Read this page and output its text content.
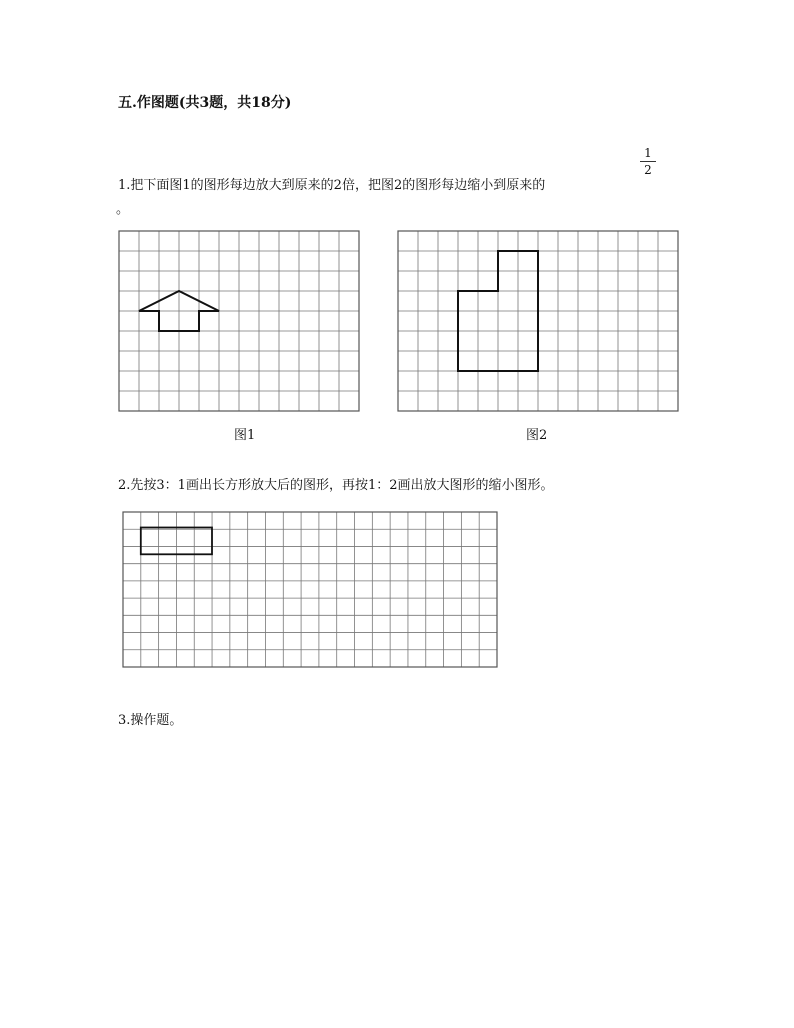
五.作图题(共3题，共18分)
1.把下面图1的图形每边放大到原来的2倍，把图2的图形每边缩小到原来的
1
2
。
图1	图2
2.先按3：1画出长方形放大后的图形，再按1：2画出放大图形的缩小图形。
3.操作题。
